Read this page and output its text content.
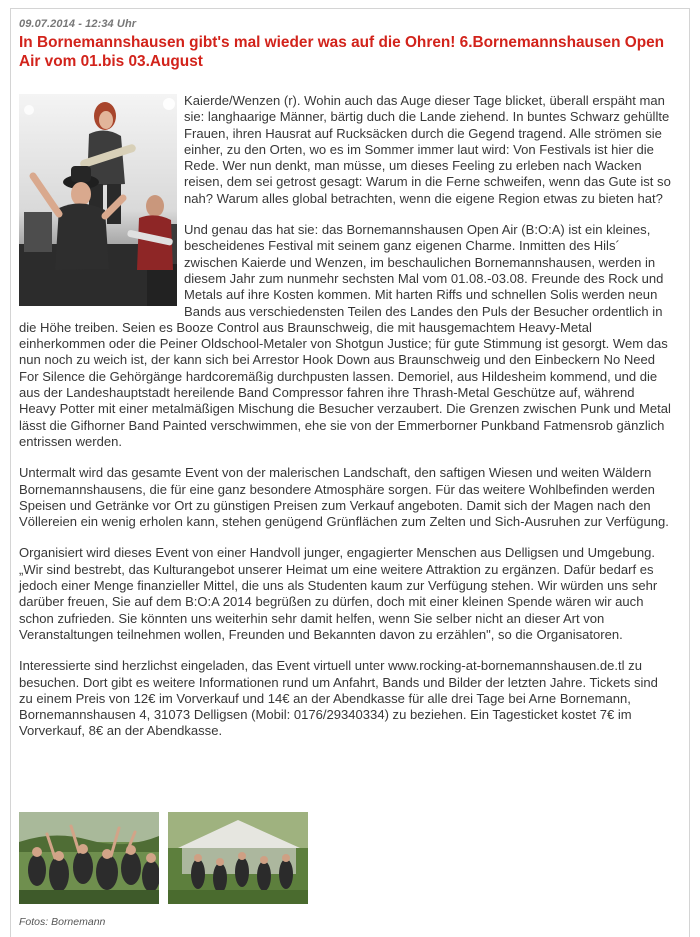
09.07.2014 - 12:34 Uhr
In Bornemannshausen gibt's mal wieder was auf die Ohren! 6.Bornemannshausen Open Air vom 01.bis 03.August

Kaierde/Wenzen (r). Wohin auch das Auge dieser Tage blicket, überall erspäht man sie: langhaarige Männer, bärtig duch die Lande ziehend. In buntes Schwarz gehüllte Frauen, ihren Hausrat auf Rucksäcken durch die Gegend tragend. Alle strömen sie einher, zu den Orten, wo es im Sommer immer laut wird: Von Festivals ist hier die Rede. Wer nun denkt, man müsse, um dieses Feeling zu erleben nach Wacken reisen, dem sei getrost gesagt: Warum in die Ferne schweifen, wenn das Gute ist so nah? Warum alles global betrachten, wenn die eigene Region etwas zu bieten hat?

Und genau das hat sie: das Bornemannshausen Open Air (B:O:A) ist ein kleines, bescheidenes Festival mit seinem ganz eigenen Charme. Inmitten des Hils´ zwischen Kaierde und Wenzen, im beschaulichen Bornemannshausen, werden in diesem Jahr zum nunmehr sechsten Mal vom 01.08.-03.08. Freunde des Rock und Metals auf ihre Kosten kommen. Mit harten Riffs und schnellen Solis werden neun Bands aus verschiedensten Teilen des Landes den Puls der Besucher ordentlich in die Höhe treiben. Seien es Booze Control aus Braunschweig, die mit hausgemachtem Heavy-Metal einherkommen oder die Peiner Oldschool-Metaler von Shotgun Justice; für gute Stimmung ist gesorgt. Wem das nun noch zu weich ist, der kann sich bei Arrestor Hook Down aus Braunschweig und den Einbeckern No Need For Silence die Gehörgänge hardcoremäßig durchpusten lassen. Demoriel, aus Hildesheim kommend, und die aus der Landeshauptstadt hereilende Band Compressor fahren ihre Thrash-Metal Geschütze auf, während Heavy Potter mit einer metalmäßigen Mischung die Besucher verzaubert. Die Grenzen zwischen Punk und Metal lässt die Gifhorner Band Painted verschwimmen, ehe sie von der Emmerborner Punkband Fatmensrob gänzlich entrissen werden.

Untermalt wird das gesamte Event von der malerischen Landschaft, den saftigen Wiesen und weiten Wäldern Bornemannshausens, die für eine ganz besondere Atmosphäre sorgen. Für das weitere Wohlbefinden werden Speisen und Getränke vor Ort zu günstigen Preisen zum Verkauf angeboten. Damit sich der Magen nach den Völlereien ein wenig erholen kann, stehen genügend Grünflächen zum Zelten und Sich-Ausruhen zur Verfügung.

Organisiert wird dieses Event von einer Handvoll junger, engagierter Menschen aus Delligsen und Umgebung. „Wir sind bestrebt, das Kulturangebot unserer Heimat um eine weitere Attraktion zu ergänzen. Dafür bedarf es jedoch einer Menge finanzieller Mittel, die uns als Studenten kaum zur Verfügung stehen. Wir würden uns sehr darüber freuen, Sie auf dem B:O:A 2014 begrüßen zu dürfen, doch mit einer kleinen Spende wären wir auch schon zufrieden. Sie könnten uns weiterhin sehr damit helfen, wenn Sie selber nicht an dieser Art von Veranstaltungen teilnehmen wollen, Freunden und Bekannten davon zu erzählen", so die Organisatoren.

Interessierte sind herzlichst eingeladen, das Event virtuell unter www.rocking-at-bornemannshausen.de.tl zu besuchen. Dort gibt es weitere Informationen rund um Anfahrt, Bands und Bilder der letzten Jahre. Tickets sind zu einem Preis von 12€ im Vorverkauf und 14€ an der Abendkasse für alle drei Tage bei Arne Bornemann, Bornemannshausen 4, 31073 Delligsen (Mobil: 0176/29340334) zu beziehen. Ein Tagesticket kostet 7€ im Vorverkauf, 8€ an der Abendkasse.

Fotos: Bornemann
